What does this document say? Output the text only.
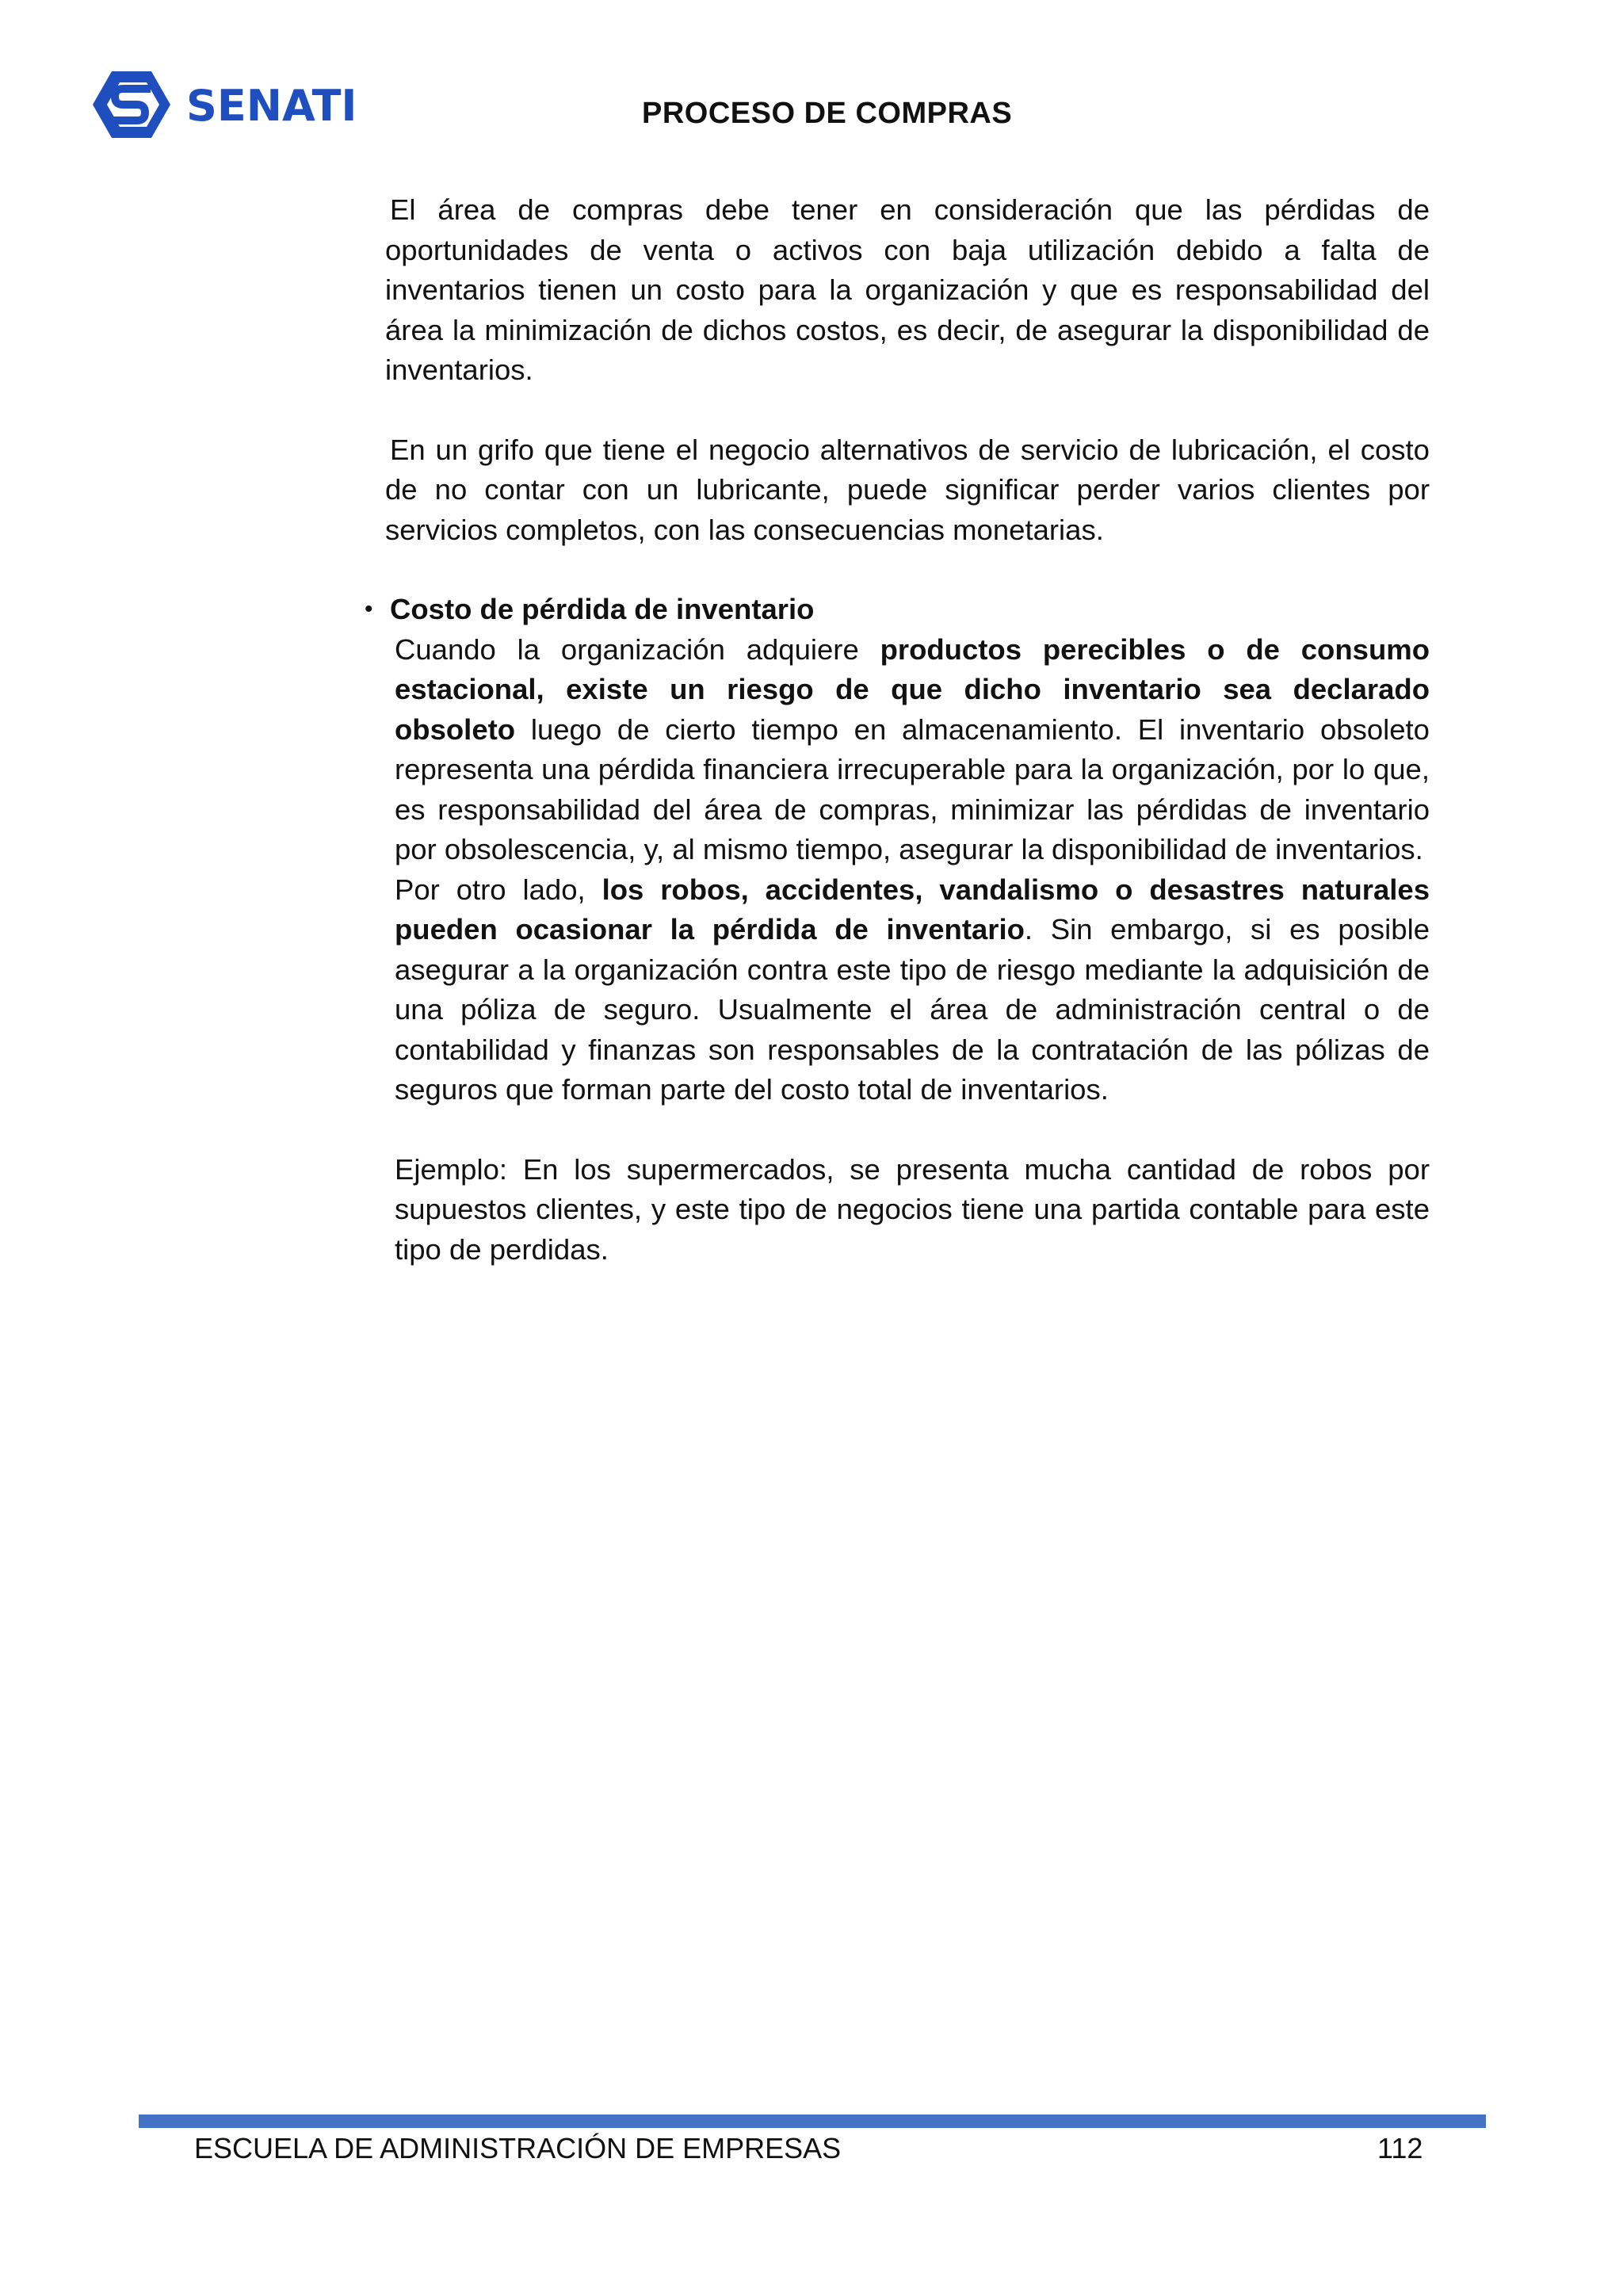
SENATI	PROCESO DE COMPRAS

El área de compras debe tener en consideración que las pérdidas de oportunidades de venta o activos con baja utilización debido a falta de inventarios tienen un costo para la organización y que es responsabilidad del área la minimización de dichos costos, es decir, de asegurar la disponibilidad de inventarios.

En un grifo que tiene el negocio alternativos de servicio de lubricación, el costo de no contar con un lubricante, puede significar perder varios clientes por servicios completos, con las consecuencias monetarias.

• Costo de pérdida de inventario

Cuando la organización adquiere productos perecibles o de consumo estacional, existe un riesgo de que dicho inventario sea declarado obsoleto luego de cierto tiempo en almacenamiento. El inventario obsoleto representa una pérdida financiera irrecuperable para la organización, por lo que, es responsabilidad del área de compras, minimizar las pérdidas de inventario por obsolescencia, y, al mismo tiempo, asegurar la disponibilidad de inventarios.

Por otro lado, los robos, accidentes, vandalismo o desastres naturales pueden ocasionar la pérdida de inventario. Sin embargo, si es posible asegurar a la organización contra este tipo de riesgo mediante la adquisición de una póliza de seguro. Usualmente el área de administración central o de contabilidad y finanzas son responsables de la contratación de las pólizas de seguros que forman parte del costo total de inventarios.

Ejemplo: En los supermercados, se presenta mucha cantidad de robos por supuestos clientes, y este tipo de negocios tiene una partida contable para este tipo de perdidas.

ESCUELA DE ADMINISTRACIÓN DE EMPRESAS	112
